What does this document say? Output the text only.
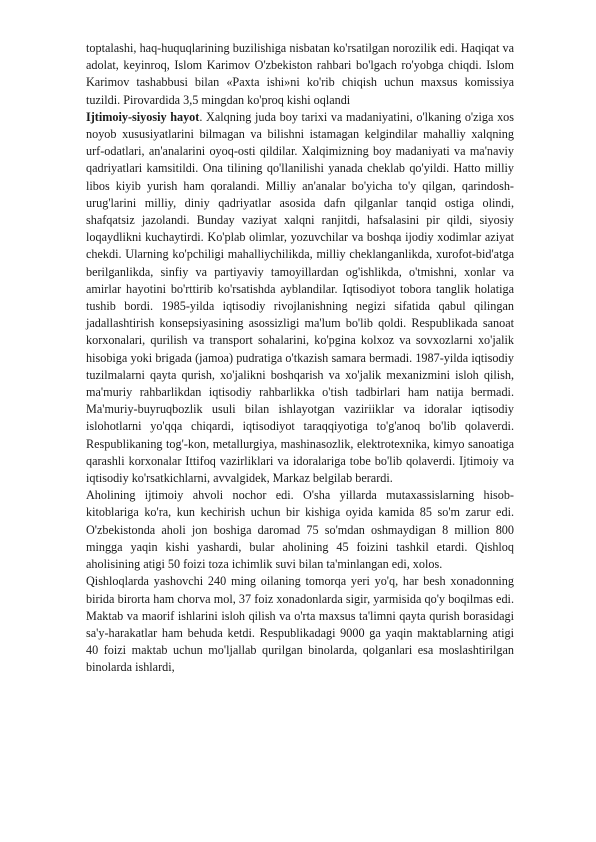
toptalashi, haq-huquqlarining buzilishiga nisbatan ko'rsatilgan norozilik edi. Haqiqat va adolat, keyinroq, Islom Karimov O'zbekiston rahbari bo'lgach ro'yobga chiqdi. Islom Karimov tashabbusi bilan «Paxta ishi»ni ko'rib chiqish uchun maxsus komissiya tuzildi. Pirovardida 3,5 mingdan ko'proq kishi oqlandi

Ijtimoiy-siyosiy hayot. Xalqning juda boy tarixi va madaniyatini, o'lkaning o'ziga xos noyob xususiyatlarini bilmagan va bilishni istamagan kelgindilar mahalliy xalqning urf-odatlari, an'analarini oyoq-osti qildilar. Xalqimizning boy madaniyati va ma'naviy qadriyatlari kamsitildi. Ona tilining qo'llanilishi yanada cheklab qo'yildi. Hatto milliy libos kiyib yurish ham qoralandi. Milliy an'analar bo'yicha to'y qilgan, qarindosh-urug'larini milliy, diniy qadriyatlar asosida dafn qilganlar tanqid ostiga olindi, shafqatsiz jazolandi. Bunday vaziyat xalqni ranjitdi, hafsalasini pir qildi, siyosiy loqaydlikni kuchaytirdi. Ko'plab olimlar, yozuvchilar va boshqa ijodiy xodimlar aziyat chekdi. Ularning ko'pchiligi mahalliychilikda, milliy cheklanganlikda, xurofot-bid'atga berilganlikda, sinfiy va partiyaviy tamoyillardan og'ishlikda, o'tmishni, xonlar va amirlar hayotini bo'rttirib ko'rsatishda ayblandilar. Iqtisodiyot tobora tanglik holatiga tushib bordi. 1985-yilda iqtisodiy rivojlanishning negizi sifatida qabul qilingan jadallashtirish konsepsiyasining asossizligi ma'lum bo'lib qoldi. Respublikada sanoat korxonalari, qurilish va transport sohalarini, ko'pgina kolxoz va sovxozlarni xo'jalik hisobiga yoki brigada (jamoa) pudratiga o'tkazish samara bermadi. 1987-yilda iqtisodiy tuzilmalarni qayta qurish, xo'jalikni boshqarish va xo'jalik mexanizmini isloh qilish, ma'muriy rahbarlikdan iqtisodiy rahbarlikka o'tish tadbirlari ham natija bermadi. Ma'muriy-buyruqbozlik usuli bilan ishlayotgan vaziriiklar va idoralar iqtisodiy islohotlarni yo'qqa chiqardi, iqtisodiyot taraqqiyotiga to'g'anoq bo'lib qolaverdi. Respublikaning tog'-kon, metallurgiya, mashinasozlik, elektrotexnika, kimyo sanoatiga qarashli korxonalar Ittifoq vazirliklari va idoralariga tobe bo'lib qolaverdi. Ijtimoiy va iqtisodiy ko'rsatkichlarni, avvalgidek, Markaz belgilab berardi.

Aholining ijtimoiy ahvoli nochor edi. O'sha yillarda mutaxassislarning hisob-kitoblariga ko'ra, kun kechirish uchun bir kishiga oyida kamida 85 so'm zarur edi. O'zbekistonda aholi jon boshiga daromad 75 so'mdan oshmaydigan 8 million 800 mingga yaqin kishi yashardi, bular aholining 45 foizini tashkil etardi. Qishloq aholisining atigi 50 foizi toza ichimlik suvi bilan ta'minlangan edi, xolos.

Qishloqlarda yashovchi 240 ming oilaning tomorqa yeri yo'q, har besh xonadonning birida birorta ham chorva mol, 37 foiz xonadonlarda sigir, yarmisida qo'y boqilmas edi. Maktab va maorif ishlarini isloh qilish va o'rta maxsus ta'limni qayta qurish borasidagi sa'y-harakatlar ham behuda ketdi. Respublikadagi 9000 ga yaqin maktablarning atigi 40 foizi maktab uchun mo'ljallab qurilgan binolarda, qolganlari esa moslashtirilgan binolarda ishlardi,
